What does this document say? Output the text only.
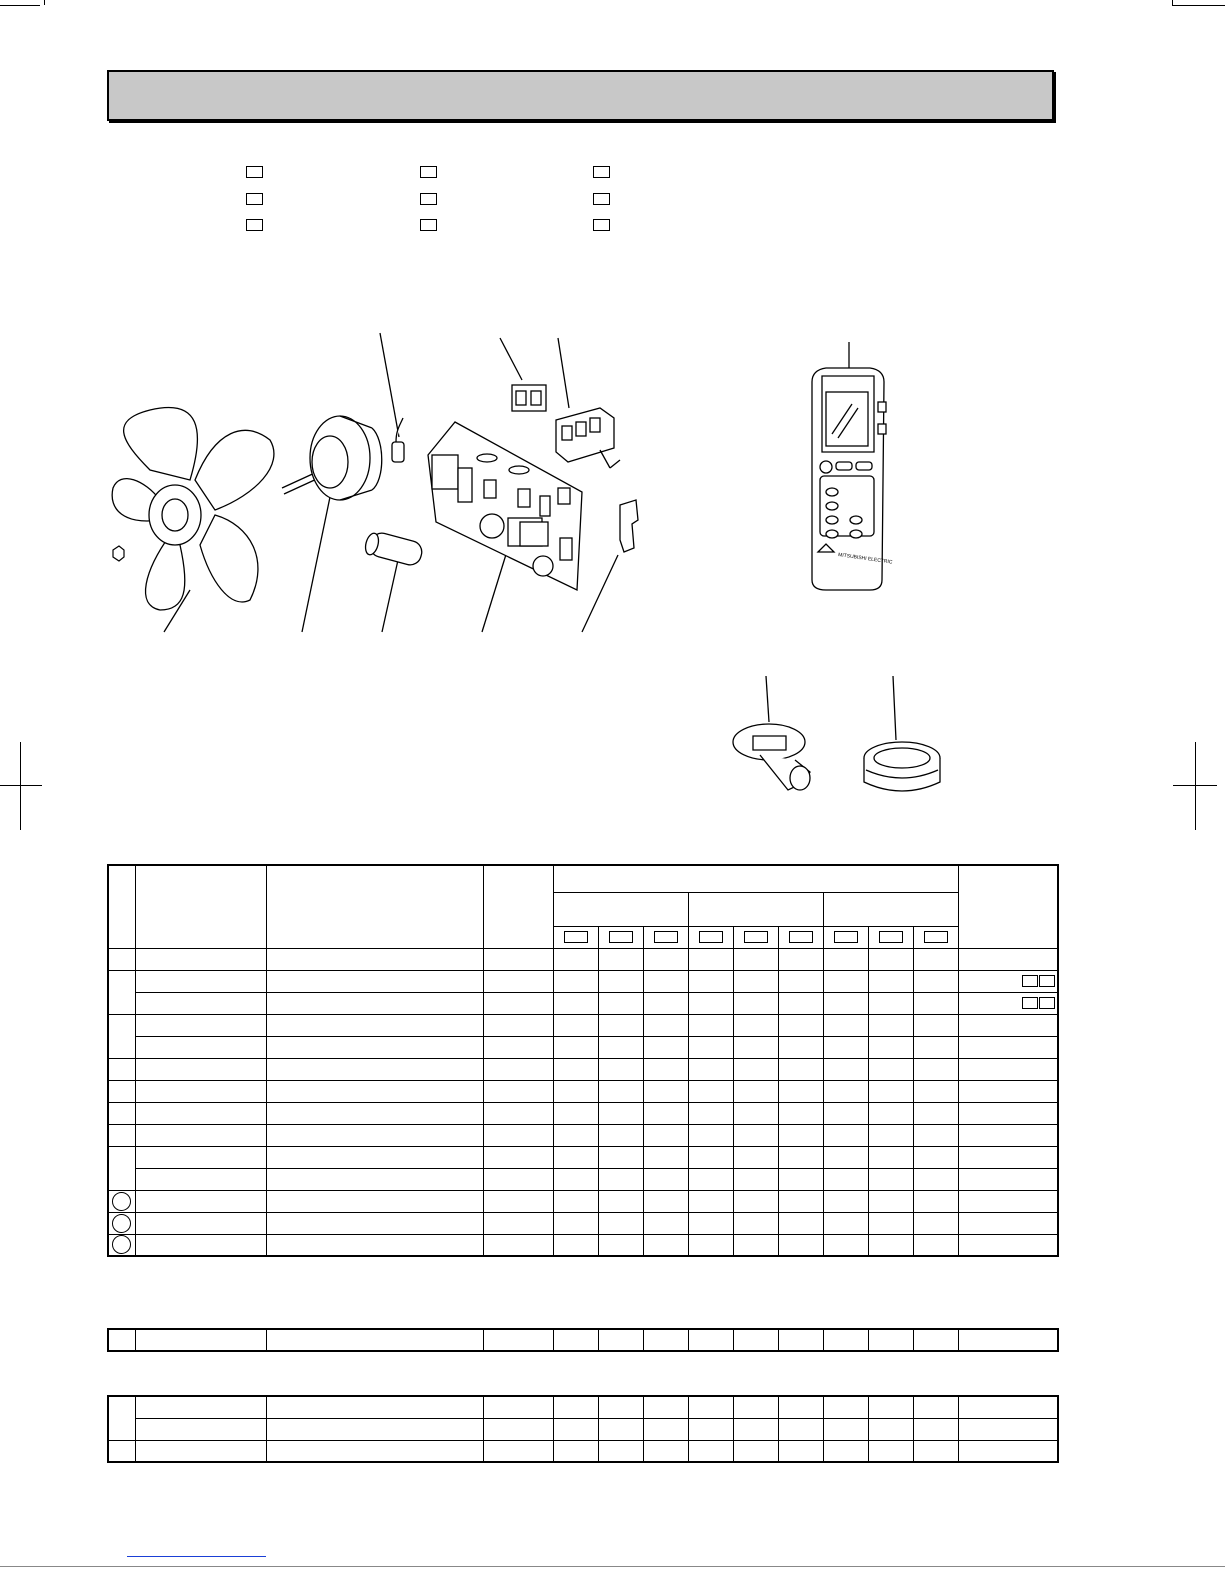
MITSUBISHI ELECTRIC
